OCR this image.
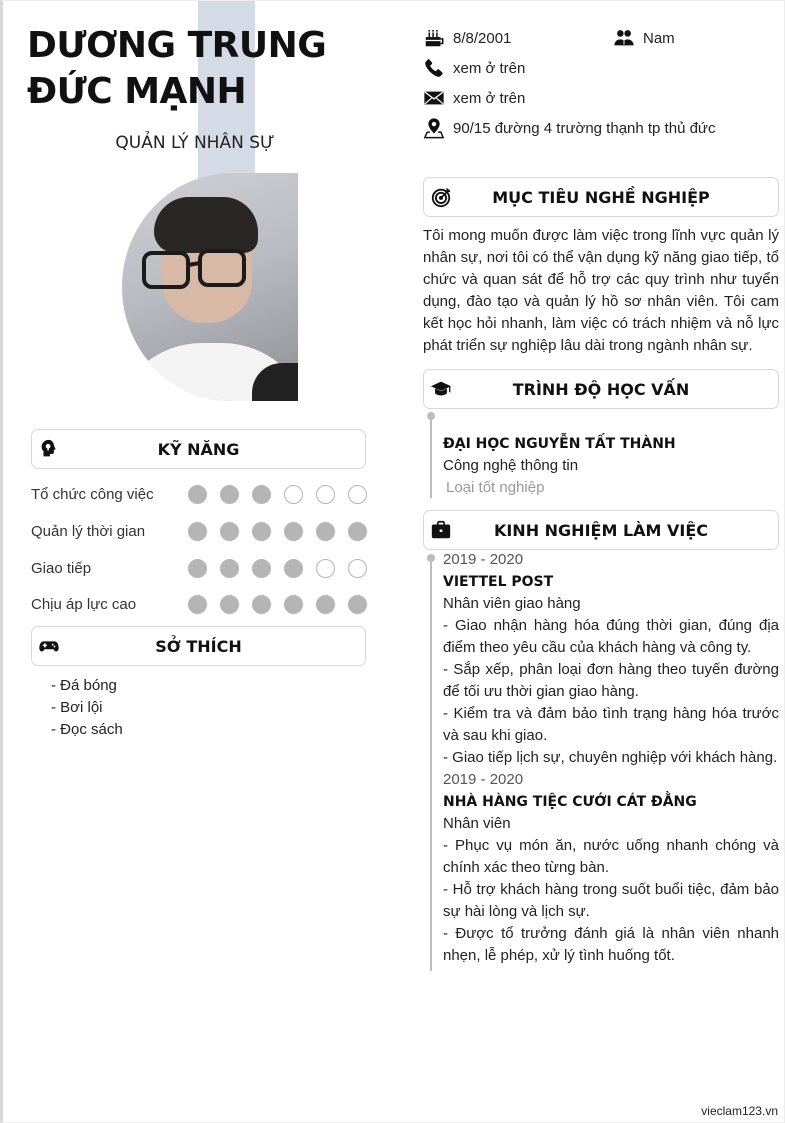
DƯƠNG TRUNG
ĐỨC MẠNH
QUẢN LÝ NHÂN SỰ
KỸ NĂNG
Tổ chức công việc
Quản lý thời gian
Giao tiếp
Chịu áp lực cao
SỞ THÍCH
- Đá bóng
- Bơi lội
- Đọc sách
8/8/2001	Nam
xem ở trên
xem ở trên
90/15 đường 4 trường thạnh tp thủ đức
MỤC TIÊU NGHỀ NGHIỆP
Tôi mong muốn được làm việc trong lĩnh vực quản lý nhân sự, nơi tôi có thể vận dụng kỹ năng giao tiếp, tổ chức và quan sát để hỗ trợ các quy trình như tuyển dụng, đào tạo và quản lý hồ sơ nhân viên. Tôi cam kết học hỏi nhanh, làm việc có trách nhiệm và nỗ lực phát triển sự nghiệp lâu dài trong ngành nhân sự.
TRÌNH ĐỘ HỌC VẤN
ĐẠI HỌC NGUYỄN TẤT THÀNH
Công nghệ thông tin
Loại tốt nghiệp
KINH NGHIỆM LÀM VIỆC
2019 - 2020
VIETTEL POST
Nhân viên giao hàng
- Giao nhận hàng hóa đúng thời gian, đúng địa điểm theo yêu cầu của khách hàng và công ty.
- Sắp xếp, phân loại đơn hàng theo tuyến đường để tối ưu thời gian giao hàng.
- Kiểm tra và đảm bảo tình trạng hàng hóa trước và sau khi giao.
- Giao tiếp lịch sự, chuyên nghiệp với khách hàng.
2019 - 2020
NHÀ HÀNG TIỆC CƯỚI CÁT ĐẰNG
Nhân viên
- Phục vụ món ăn, nước uống nhanh chóng và chính xác theo từng bàn.
- Hỗ trợ khách hàng trong suốt buổi tiệc, đảm bảo sự hài lòng và lịch sự.
- Được tổ trưởng đánh giá là nhân viên nhanh nhẹn, lễ phép, xử lý tình huống tốt.
vieclam123.vn
